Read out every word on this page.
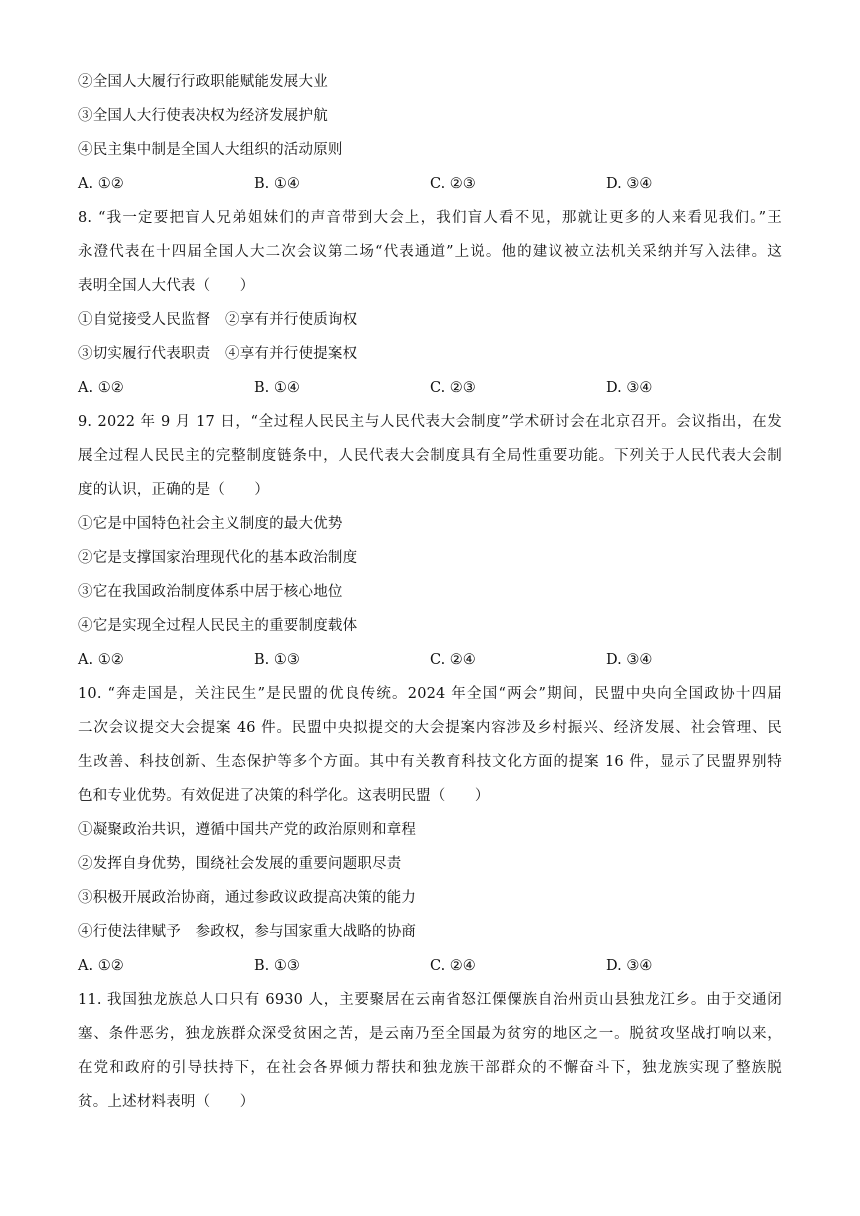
②全国人大履行行政职能赋能发展大业
③全国人大行使表决权为经济发展护航
④民主集中制是全国人大组织的活动原则
A. ①②	B. ①④	C. ②③	D. ③④
8. “我一定要把盲人兄弟姐妹们的声音带到大会上，我们盲人看不见，那就让更多的人来看见我们。”王
永澄代表在十四届全国人大二次会议第二场“代表通道”上说。他的建议被立法机关采纳并写入法律。这
表明全国人大代表（　　）
①自觉接受人民监督　②享有并行使质询权
③切实履行代表职责　④享有并行使提案权
A. ①②	B. ①④	C. ②③	D. ③④
9. 2022 年 9 月 17 日，“全过程人民民主与人民代表大会制度”学术研讨会在北京召开。会议指出，在发
展全过程人民民主的完整制度链条中，人民代表大会制度具有全局性重要功能。下列关于人民代表大会制
度的认识，正确的是（　　）
①它是中国特色社会主义制度的最大优势
②它是支撑国家治理现代化的基本政治制度
③它在我国政治制度体系中居于核心地位
④它是实现全过程人民民主的重要制度载体
A. ①②	B. ①③	C. ②④	D. ③④
10. “奔走国是，关注民生”是民盟的优良传统。2024 年全国“两会”期间，民盟中央向全国政协十四届
二次会议提交大会提案 46 件。民盟中央拟提交的大会提案内容涉及乡村振兴、经济发展、社会管理、民
生改善、科技创新、生态保护等多个方面。其中有关教育科技文化方面的提案 16 件，显示了民盟界别特
色和专业优势。有效促进了决策的科学化。这表明民盟（　　）
①凝聚政治共识，遵循中国共产党的政治原则和章程
②发挥自身优势，围绕社会发展的重要问题职尽责
③积极开展政治协商，通过参政议政提高决策的能力
④行使法律赋予　参政权，参与国家重大战略的协商
A. ①②	B. ①③	C. ②④	D. ③④
11. 我国独龙族总人口只有 6930 人，主要聚居在云南省怒江傈僳族自治州贡山县独龙江乡。由于交通闭
塞、条件恶劣，独龙族群众深受贫困之苦，是云南乃至全国最为贫穷的地区之一。脱贫攻坚战打响以来，
在党和政府的引导扶持下，在社会各界倾力帮扶和独龙族干部群众的不懈奋斗下，独龙族实现了整族脱
贫。上述材料表明（　　）
